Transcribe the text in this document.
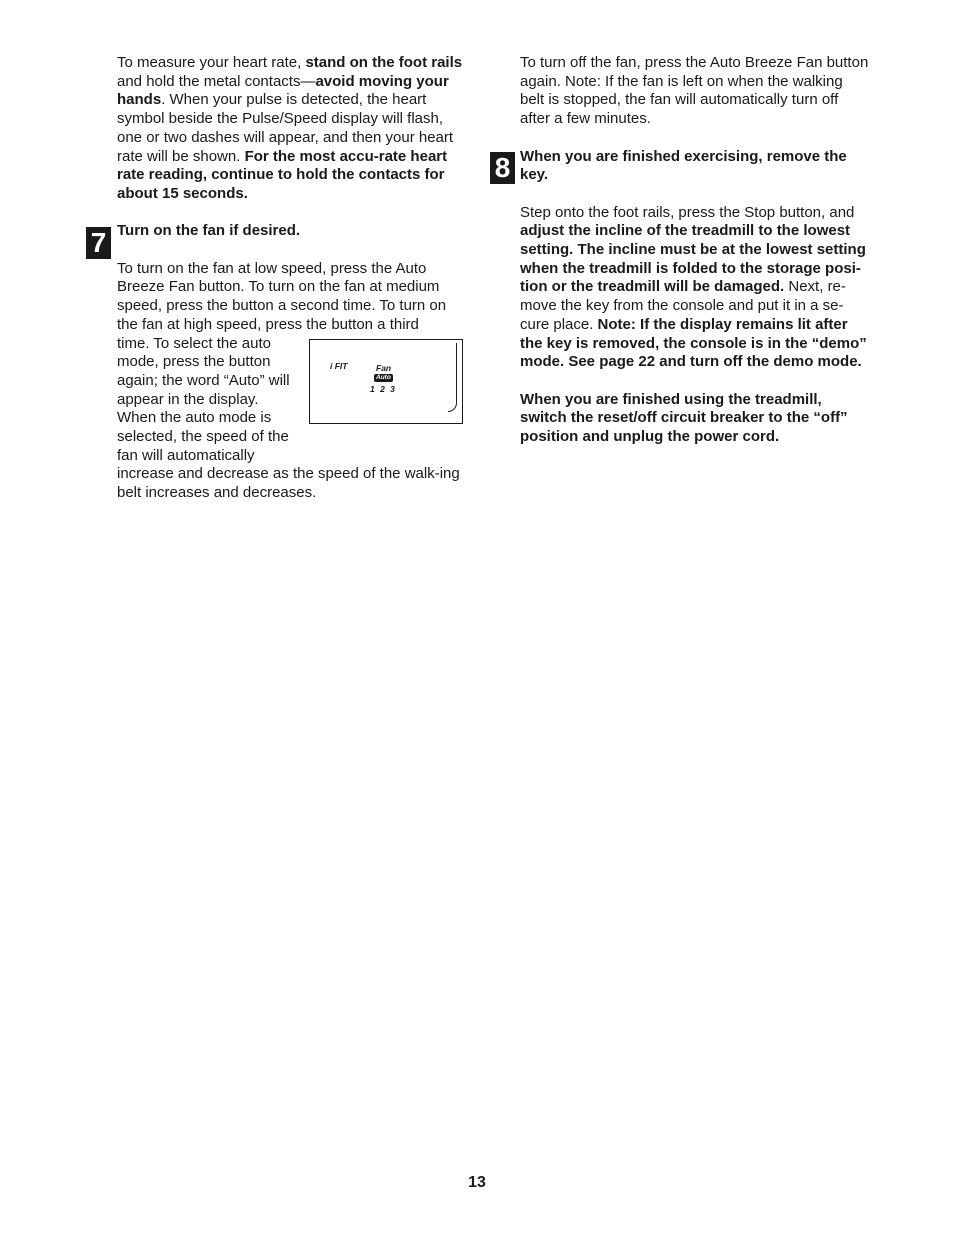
To measure your heart rate, stand on the foot rails and hold the metal contacts—avoid moving your hands. When your pulse is detected, the heart symbol beside the Pulse/Speed display will flash, one or two dashes will appear, and then your heart rate will be shown. For the most accu-rate heart rate reading, continue to hold the contacts for about 15 seconds.

Turn on the fan if desired.

To turn on the fan at low speed, press the Auto Breeze Fan button. To turn on the fan at medium speed, press the button a second time. To turn on the fan at high speed, press the button a third

time. To select the auto mode, press the button again; the word “Auto” will appear in the display. When the auto mode is selected, the speed of the fan will automatically

i FIT	Fan
Auto
1 2 3

increase and decrease as the speed of the walk-ing belt increases and decreases.

7
8

To turn off the fan, press the Auto Breeze Fan button again. Note: If the fan is left on when the walking belt is stopped, the fan will automatically turn off after a few minutes.

When you are finished exercising, remove the key.

Step onto the foot rails, press the Stop button, and adjust the incline of the treadmill to the lowest setting. The incline must be at the lowest setting when the treadmill is folded to the storage posi-tion or the treadmill will be damaged. Next, re-move the key from the console and put it in a se-cure place. Note: If the display remains lit after the key is removed, the console is in the “demo” mode. See page 22 and turn off the demo mode.

When you are finished using the treadmill, switch the reset/off circuit breaker to the “off” position and unplug the power cord.

13
